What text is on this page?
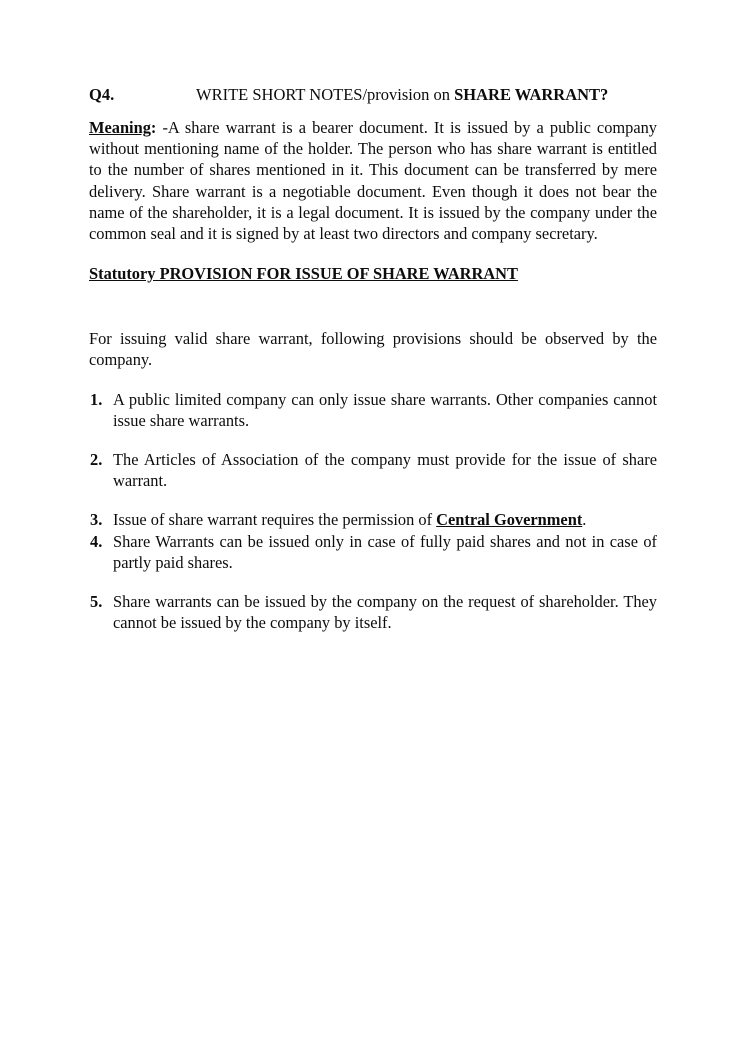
Q4.	WRITE SHORT NOTES/provision on SHARE WARRANT?

Meaning: -A share warrant is a bearer document. It is issued by a public company without mentioning name of the holder. The person who has share warrant is entitled to the number of shares mentioned in it. This document can be transferred by mere delivery. Share warrant is a negotiable document. Even though it does not bear the name of the shareholder, it is a legal document. It is issued by the company under the common seal and it is signed by at least two directors and company secretary.

Statutory PROVISION FOR ISSUE OF SHARE WARRANT

For issuing valid share warrant, following provisions should be observed by the company.

1. A public limited company can only issue share warrants. Other companies cannot issue share warrants.
2. The Articles of Association of the company must provide for the issue of share warrant.
3. Issue of share warrant requires the permission of Central Government.
4. Share Warrants can be issued only in case of fully paid shares and not in case of partly paid shares.
5. Share warrants can be issued by the company on the request of shareholder. They cannot be issued by the company by itself.
